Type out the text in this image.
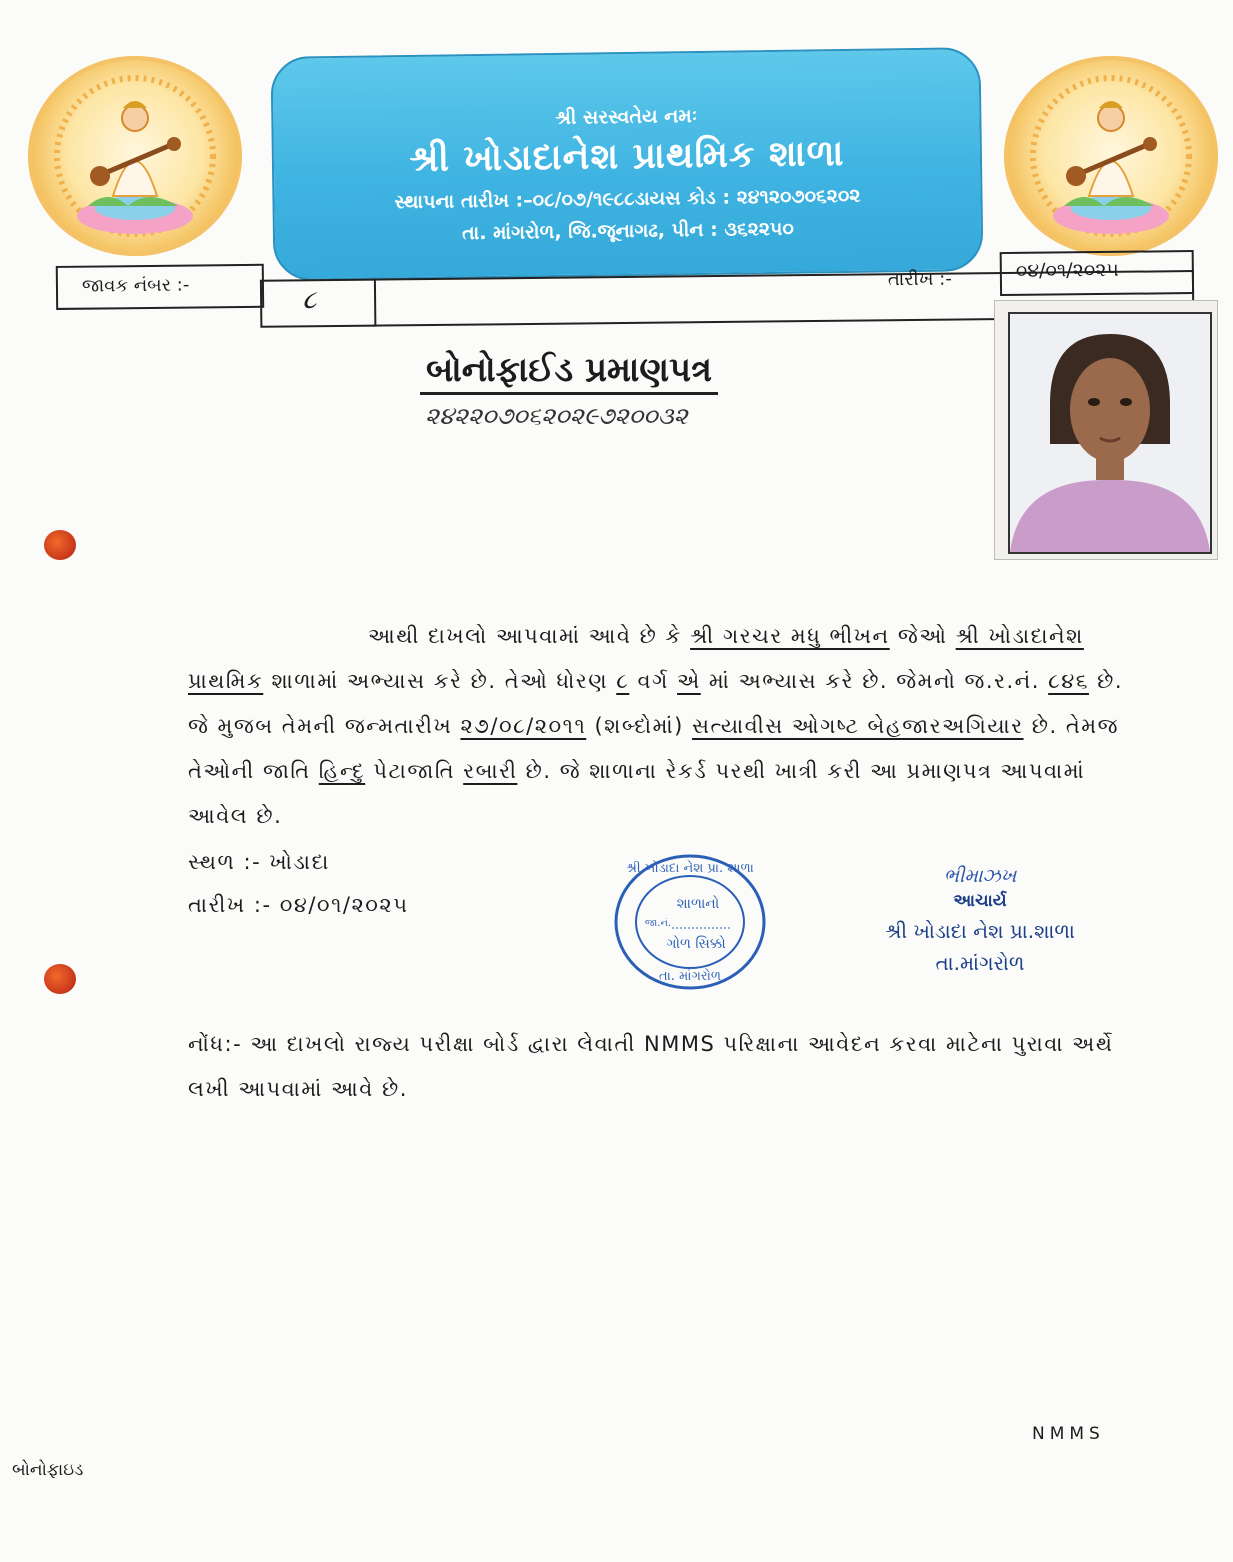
શ્રી સરસ્વતેય નમઃ
શ્રી ખોડાદાનેશ પ્રાથમિક શાળા
સ્થાપના તારીખ :–૦૮/૦૭/૧૯૮૮ડાયસ કોડ : ૨૪૧૨૦૭૦૬૨૦૨
તા. માંગરોળ, જિ.જૂનાગઢ, પીન : ૩૬૨૨૫૦
જાવક નંબર :-	૮
તારીખ :-	૦૪/૦૧/૨૦૨૫
બોનોફાઈડ પ્રમાણપત્ર
૨૪૨૨૦૭૦૬૨૦૨૯૭૨૦૦૩૨
આથી દાખલો આપવામાં આવે છે કે શ્રી ગરચર મધુ ભીખન જેઓ શ્રી ખોડાદાનેશ પ્રાથમિક શાળામાં અભ્યાસ કરે છે. તેઓ ધોરણ ૮ વર્ગ એ માં અભ્યાસ કરે છે. જેમનો જ.ર.નં. ૮૪૬ છે. જે મુજબ તેમની જન્મતારીખ ૨૭/૦૮/૨૦૧૧ (શબ્દોમાં) સત્યાવીસ ઓગષ્ટ બેહજારઅગિયાર છે. તેમજ તેઓની જાતિ હિન્દુ પેટાજાતિ રબારી છે. જે શાળાના રેકર્ડ પરથી ખાત્રી કરી આ પ્રમાણપત્ર આપવામાં આવેલ છે.
સ્થળ :- ખોડાદા
તારીખ :- ૦૪/૦૧/૨૦૨૫
શ્રી ખોડાદા નેશ પ્રા. શાળા
શાળાનો
જા.નં.
ગોળ સિક્કો
તા. માંગરોળ
ભીમાઝખ
આચાર્ય
શ્રી ખોડાદા નેશ પ્રા.શાળા
તા.માંગરોળ
નોંધ:- આ દાખલો રાજ્ય પરીક્ષા બોર્ડ દ્વારા લેવાતી NMMS પરિક્ષાના આવેદન કરવા માટેના પુરાવા અર્થે લખી આપવામાં આવે છે.
NMMS
બોનોફાઇડ
